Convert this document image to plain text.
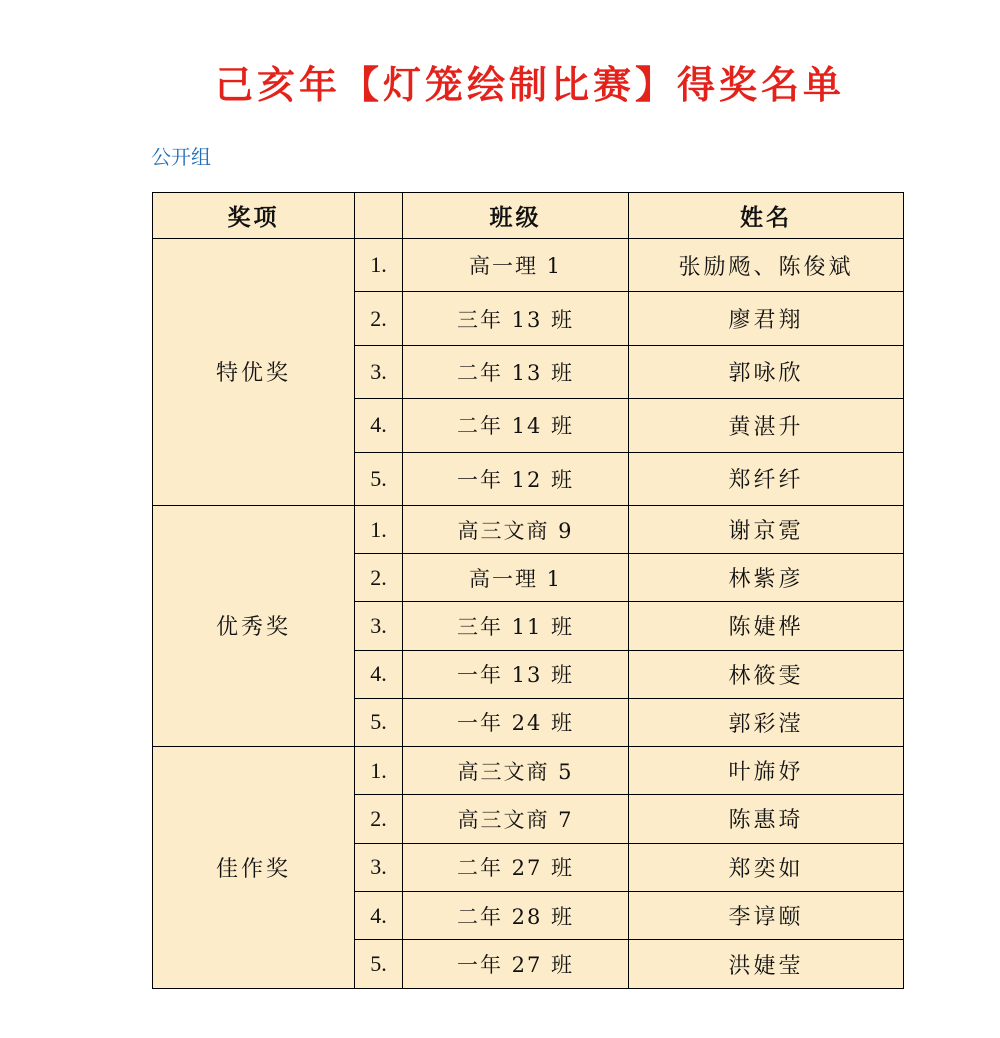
己亥年【灯笼绘制比赛】得奖名单
公开组
奖项		班级	姓名
特优奖	1.	高一理 1	张励飏、陈俊斌
	2.	三年 13 班	廖君翔
	3.	二年 13 班	郭咏欣
	4.	二年 14 班	黄湛升
	5.	一年 12 班	郑纤纤
优秀奖	1.	高三文商 9	谢京霓
	2.	高一理 1	林紫彦
	3.	三年 11 班	陈婕桦
	4.	一年 13 班	林筱雯
	5.	一年 24 班	郭彩滢
佳作奖	1.	高三文商 5	叶旆妤
	2.	高三文商 7	陈惠琦
	3.	二年 27 班	郑奕如
	4.	二年 28 班	李谆颐
	5.	一年 27 班	洪婕莹
